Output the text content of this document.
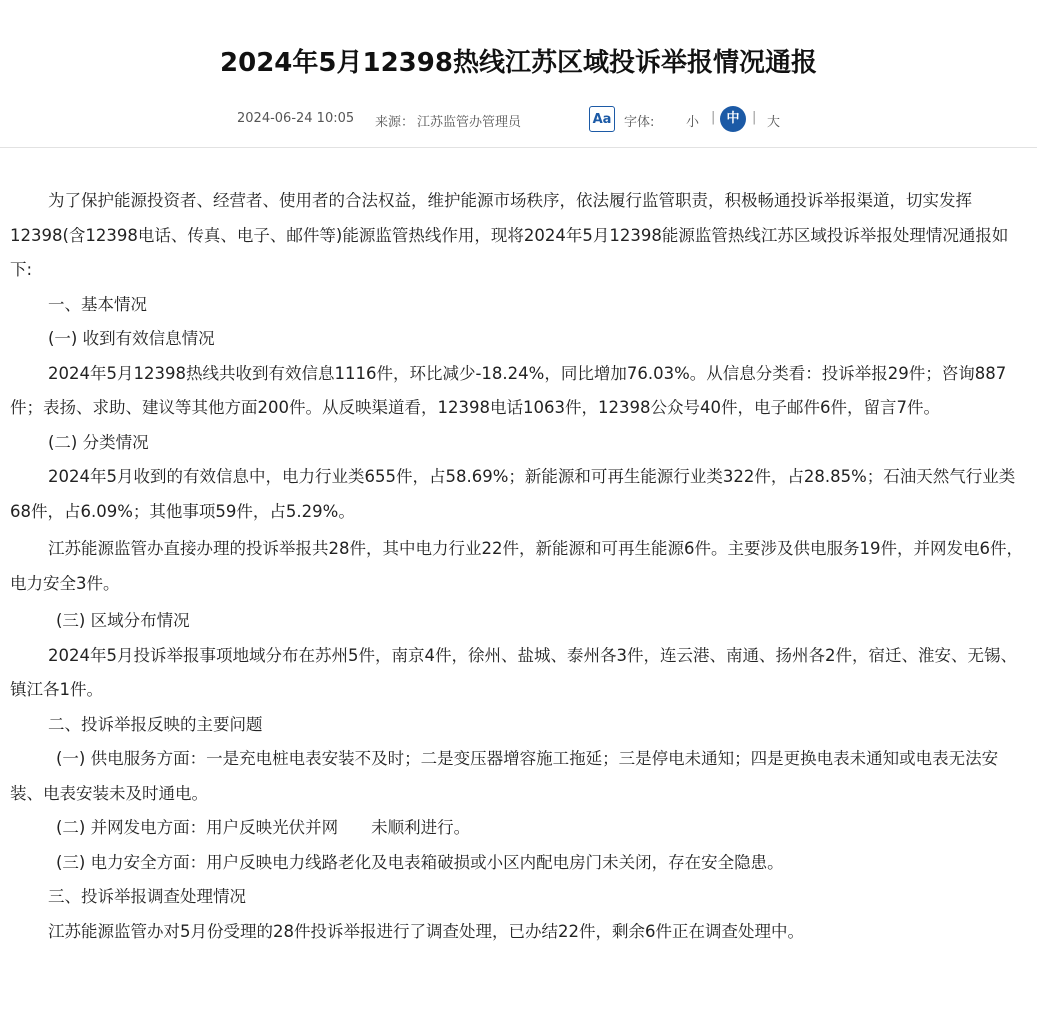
2024年5月12398热线江苏区域投诉举报情况通报
2024-06-24 10:05 来源： 江苏监管办管理员	Aa 字体: 小 | 中 | 大

为了保护能源投资者、经营者、使用者的合法权益，维护能源市场秩序，依法履行监管职责，积极畅通投诉举报渠道，切实发挥12398(含12398电话、传真、电子、邮件等)能源监管热线作用，现将2024年5月12398能源监管热线江苏区域投诉举报处理情况通报如下:

一、基本情况

(一) 收到有效信息情况

2024年5月12398热线共收到有效信息1116件，环比减少-18.24%，同比增加76.03%。从信息分类看：投诉举报29件；咨询887件；表扬、求助、建议等其他方面200件。从反映渠道看，12398电话1063件，12398公众号40件，电子邮件6件，留言7件。

(二) 分类情况

2024年5月收到的有效信息中，电力行业类655件，占58.69%；新能源和可再生能源行业类322件，占28.85%；石油天然气行业类68件，占6.09%；其他事项59件，占5.29%。

江苏能源监管办直接办理的投诉举报共28件，其中电力行业22件，新能源和可再生能源6件。主要涉及供电服务19件，并网发电6件，电力安全3件。

(三) 区域分布情况

2024年5月投诉举报事项地域分布在苏州5件，南京4件，徐州、盐城、泰州各3件，连云港、南通、扬州各2件，宿迁、淮安、无锡、镇江各1件。

二、投诉举报反映的主要问题

(一) 供电服务方面：一是充电桩电表安装不及时；二是变压器增容施工拖延；三是停电未通知；四是更换电表未通知或电表无法安装、电表安装未及时通电。

(二) 并网发电方面：用户反映光伏并网　　未顺利进行。

(三) 电力安全方面：用户反映电力线路老化及电表箱破损或小区内配电房门未关闭，存在安全隐患。

三、投诉举报调查处理情况

江苏能源监管办对5月份受理的28件投诉举报进行了调查处理，已办结22件，剩余6件正在调查处理中。
